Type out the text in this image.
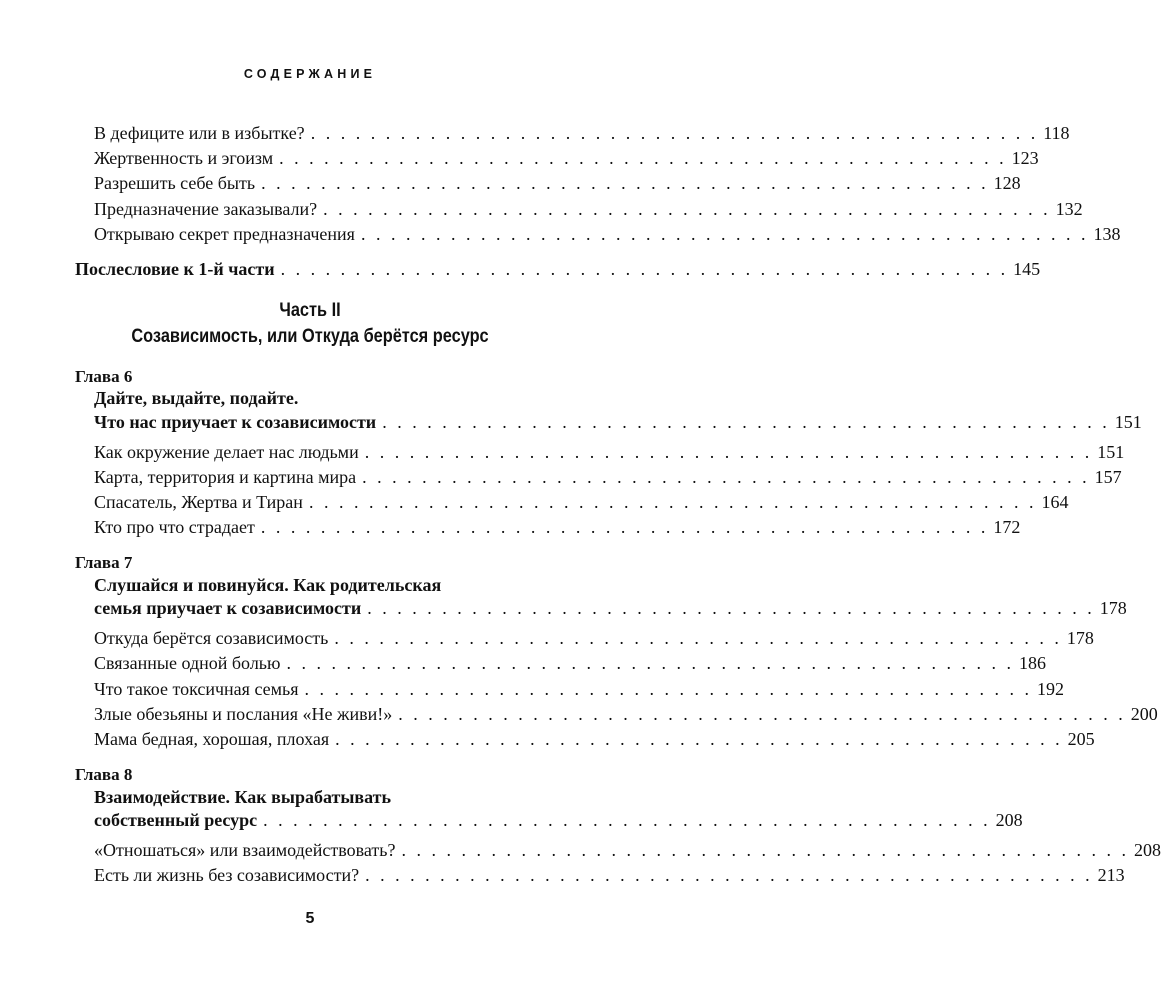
СОДЕРЖАНИЕ
В дефиците или в избытке? . . . . . . . . . . . . . . . . . . . . . . . . . . . . . . . . . . . . . . . . . . . . . . . . . 118
Жертвенность и эгоизм . . . . . . . . . . . . . . . . . . . . . . . . . . . . . . . . . . . . . . . . . . . . . . . . . 123
Разрешить себе быть . . . . . . . . . . . . . . . . . . . . . . . . . . . . . . . . . . . . . . . . . . . . . . . . . 128
Предназначение заказывали? . . . . . . . . . . . . . . . . . . . . . . . . . . . . . . . . . . . . . . . . . . . . . . . . . 132
Открываю секрет предназначения . . . . . . . . . . . . . . . . . . . . . . . . . . . . . . . . . . . . . . . . . . . . . . . . . 138
Послесловие к 1-й части . . . . . . . . . . . . . . . . . . . . . . . . . . . . . . . . . . . . . . . . . . . . . . . . . 145
Часть II
Созависимость, или Откуда берётся ресурс
Глава 6
Дайте, выдайте, подайте.
Что нас приучает к созависимости . . . . . . . . . . . . . . . . . . . . . . . . . . . . . . . . . . . . . . . . . . . . . . . . . 151
Как окружение делает нас людьми . . . . . . . . . . . . . . . . . . . . . . . . . . . . . . . . . . . . . . . . . . . . . . . . . 151
Карта, территория и картина мира . . . . . . . . . . . . . . . . . . . . . . . . . . . . . . . . . . . . . . . . . . . . . . . . . 157
Спасатель, Жертва и Тиран . . . . . . . . . . . . . . . . . . . . . . . . . . . . . . . . . . . . . . . . . . . . . . . . . 164
Кто про что страдает . . . . . . . . . . . . . . . . . . . . . . . . . . . . . . . . . . . . . . . . . . . . . . . . . 172
Глава 7
Слушайся и повинуйся. Как родительская
семья приучает к созависимости . . . . . . . . . . . . . . . . . . . . . . . . . . . . . . . . . . . . . . . . . . . . . . . . . 178
Откуда берётся созависимость . . . . . . . . . . . . . . . . . . . . . . . . . . . . . . . . . . . . . . . . . . . . . . . . . 178
Связанные одной болью . . . . . . . . . . . . . . . . . . . . . . . . . . . . . . . . . . . . . . . . . . . . . . . . . 186
Что такое токсичная семья . . . . . . . . . . . . . . . . . . . . . . . . . . . . . . . . . . . . . . . . . . . . . . . . . 192
Злые обезьяны и послания «Не живи!» . . . . . . . . . . . . . . . . . . . . . . . . . . . . . . . . . . . . . . . . . . . . . . . . . 200
Мама бедная, хорошая, плохая . . . . . . . . . . . . . . . . . . . . . . . . . . . . . . . . . . . . . . . . . . . . . . . . . 205
Глава 8
Взаимодействие. Как вырабатывать
собственный ресурс . . . . . . . . . . . . . . . . . . . . . . . . . . . . . . . . . . . . . . . . . . . . . . . . . 208
«Отношаться» или взаимодействовать? . . . . . . . . . . . . . . . . . . . . . . . . . . . . . . . . . . . . . . . . . . . . . . . . . 208
Есть ли жизнь без созависимости? . . . . . . . . . . . . . . . . . . . . . . . . . . . . . . . . . . . . . . . . . . . . . . . . . 213
5
